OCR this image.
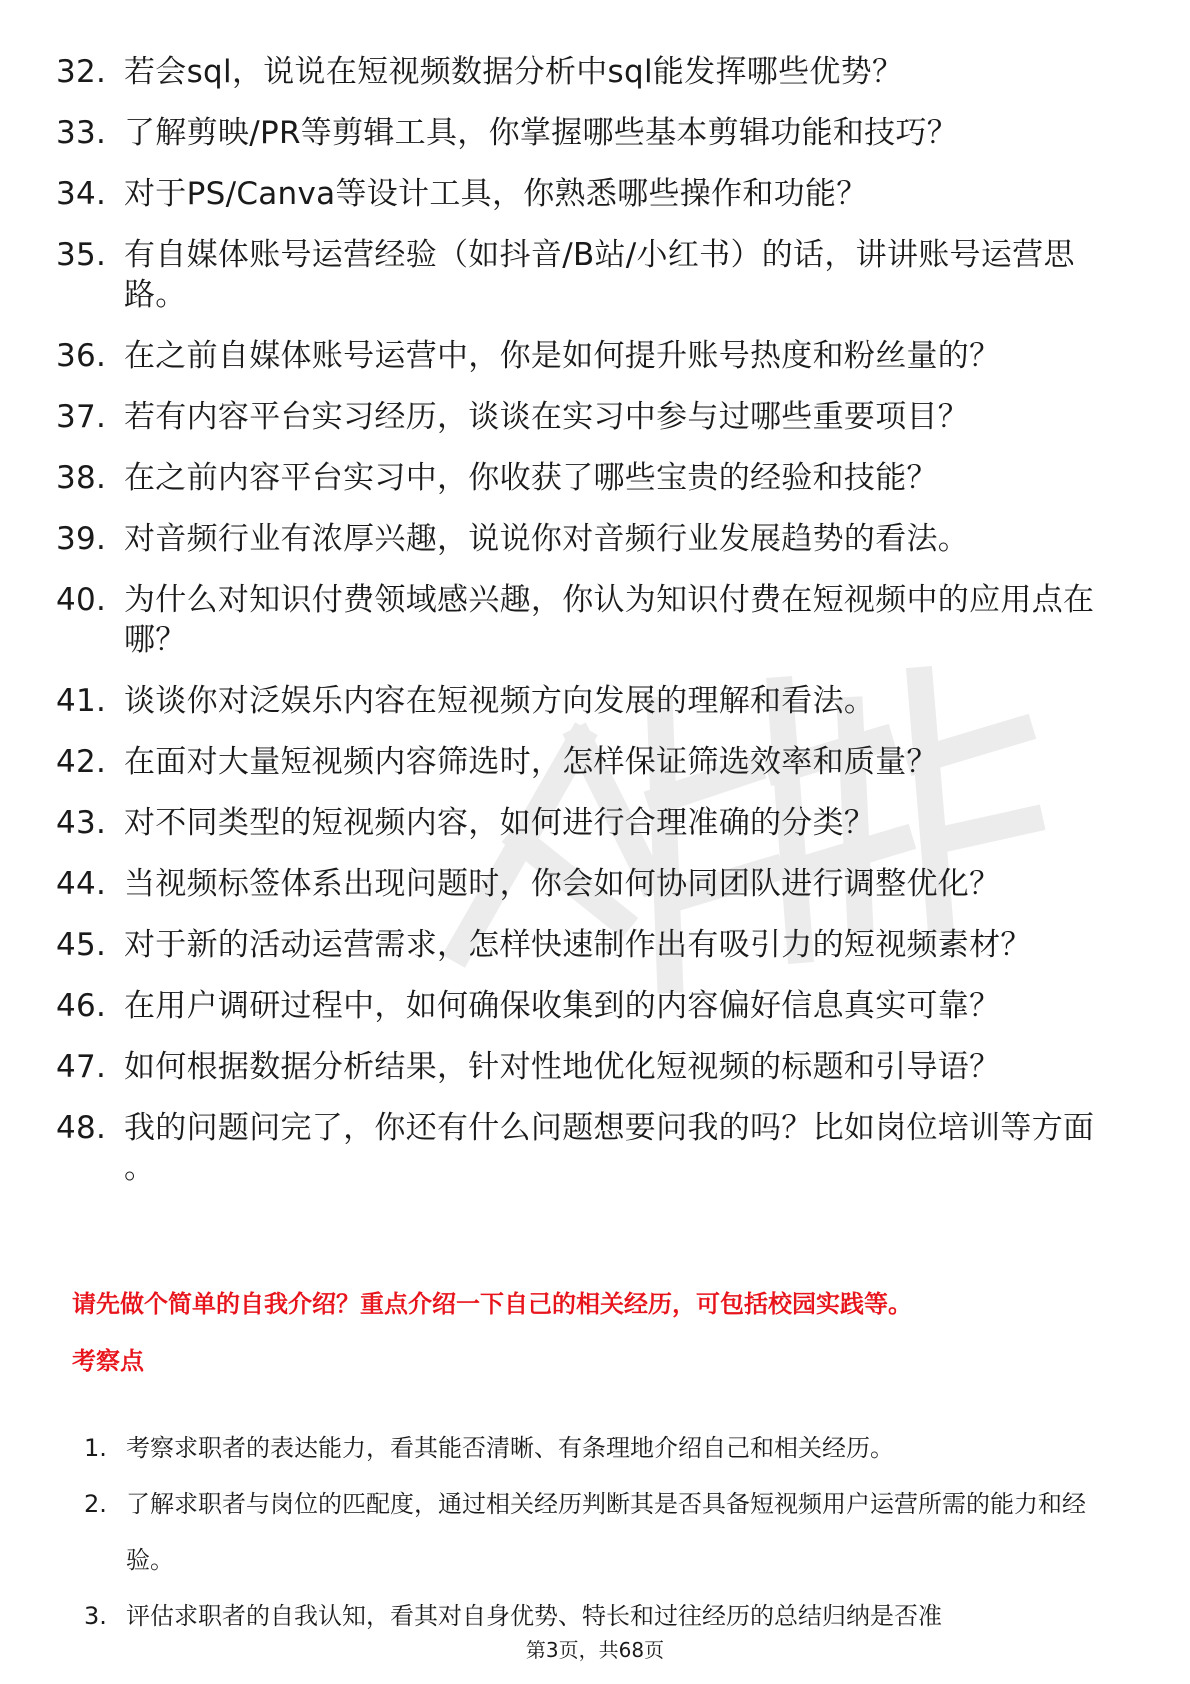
32. 若会sql，说说在短视频数据分析中sql能发挥哪些优势？
33. 了解剪映/PR等剪辑工具，你掌握哪些基本剪辑功能和技巧？
34. 对于PS/Canva等设计工具，你熟悉哪些操作和功能？
35. 有自媒体账号运营经验（如抖音/B站/小红书）的话，讲讲账号运营思路。
36. 在之前自媒体账号运营中，你是如何提升账号热度和粉丝量的？
37. 若有内容平台实习经历，谈谈在实习中参与过哪些重要项目？
38. 在之前内容平台实习中，你收获了哪些宝贵的经验和技能？
39. 对音频行业有浓厚兴趣，说说你对音频行业发展趋势的看法。
40. 为什么对知识付费领域感兴趣，你认为知识付费在短视频中的应用点在哪？
41. 谈谈你对泛娱乐内容在短视频方向发展的理解和看法。
42. 在面对大量短视频内容筛选时，怎样保证筛选效率和质量？
43. 对不同类型的短视频内容，如何进行合理准确的分类？
44. 当视频标签体系出现问题时，你会如何协同团队进行调整优化？
45. 对于新的活动运营需求，怎样快速制作出有吸引力的短视频素材？
46. 在用户调研过程中，如何确保收集到的内容偏好信息真实可靠？
47. 如何根据数据分析结果，针对性地优化短视频的标题和引导语？
48. 我的问题问完了，你还有什么问题想要问我的吗？比如岗位培训等方面 。

请先做个简单的自我介绍？重点介绍一下自己的相关经历，可包括校园实践等。

考察点

1. 考察求职者的表达能力，看其能否清晰、有条理地介绍自己和相关经历。
2. 了解求职者与岗位的匹配度，通过相关经历判断其是否具备短视频用户运营所需的能力和经验。
3. 评估求职者的自我认知，看其对自身优势、特长和过往经历的总结归纳是否准
第3页，共68页
